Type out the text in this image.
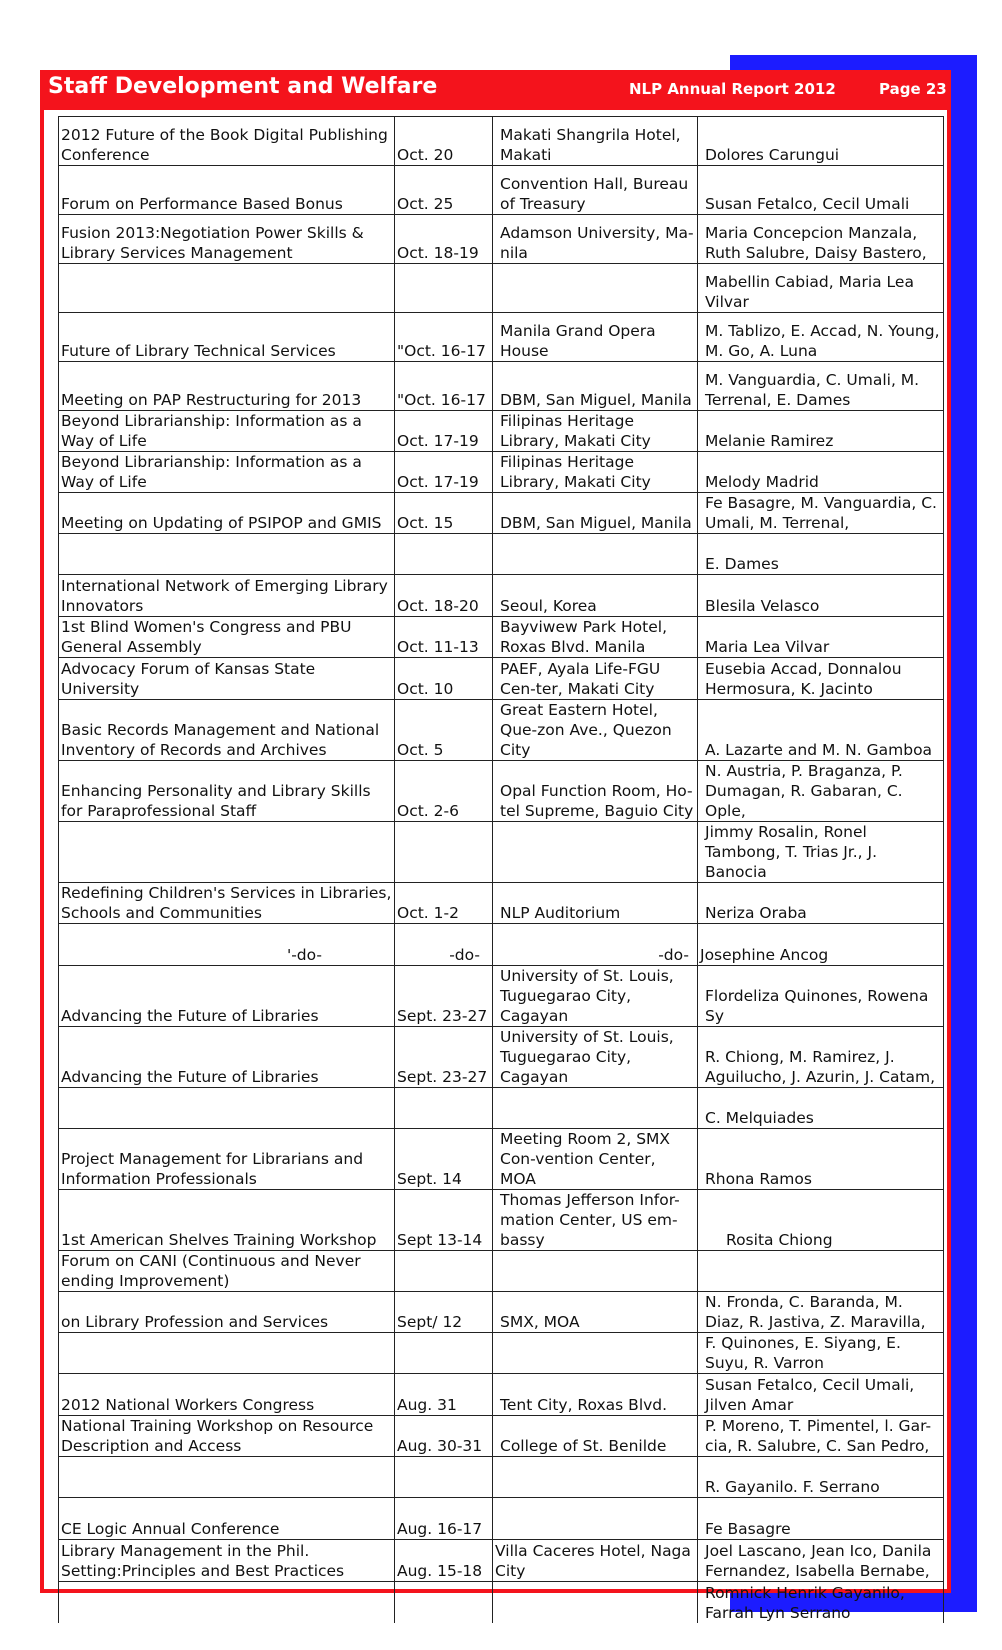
Staff Development and Welfare	NLP Annual Report 2012	Page 23
2012 Future of the Book Digital Publishing Conference	Oct. 20	Makati Shangrila Hotel, Makati	Dolores Carungui

Forum on Performance Based Bonus	Oct. 25	Convention Hall, Bureau of Treasury	Susan Fetalco, Cecil Umali

Fusion 2013:Negotiation Power Skills & Library Services Management	Oct. 18-19	Adamson University, Ma-nila	Maria Concepcion Manzala, Ruth Salubre, Daisy Bastero,

			Mabellin Cabiad, Maria Lea Vilvar

Future of Library Technical Services	"Oct. 16-17	Manila Grand Opera House	M. Tablizo, E. Accad, N. Young, M. Go, A. Luna

Meeting on PAP Restructuring for 2013	"Oct. 16-17	DBM, San Miguel, Manila	M. Vanguardia, C. Umali, M. Terrenal, E. Dames

Beyond Librarianship: Information as a Way of Life	Oct. 17-19	Filipinas Heritage Library, Makati City	Melanie Ramirez

Beyond Librarianship: Information as a Way of Life	Oct. 17-19	Filipinas Heritage Library, Makati City	Melody Madrid

Meeting on Updating of PSIPOP and GMIS	Oct. 15	DBM, San Miguel, Manila	Fe Basagre, M. Vanguardia, C. Umali, M. Terrenal,

			E. Dames

International Network of Emerging Library Innovators	Oct. 18-20	Seoul, Korea	Blesila Velasco

1st Blind Women's Congress and PBU General Assembly	Oct. 11-13	Bayviwew Park Hotel, Roxas Blvd. Manila	Maria Lea Vilvar

Advocacy Forum of Kansas State University	Oct. 10	PAEF, Ayala Life-FGU Cen-ter, Makati City	Eusebia Accad, Donnalou Hermosura, K. Jacinto

Basic Records Management and National Inventory of Records and Archives	Oct. 5	Great Eastern Hotel, Que-zon Ave., Quezon City	A. Lazarte and M. N. Gamboa

Enhancing Personality and Library Skills for Paraprofessional Staff	Oct. 2-6	Opal Function Room, Ho-tel Supreme, Baguio City	N. Austria, P. Braganza, P. Dumagan, R. Gabaran, C. Ople,

			Jimmy Rosalin, Ronel Tambong, T. Trias Jr., J. Banocia

Redefining Children's Services in Libraries, Schools and Communities	Oct. 1-2	NLP Auditorium	Neriza Oraba

'-do-	-do-	-do-	Josephine Ancog
Advancing the Future of Libraries	Sept. 23-27	University of St. Louis, Tuguegarao City, Cagayan	Flordeliza Quinones, Rowena Sy

Advancing the Future of Libraries	Sept. 23-27	University of St. Louis, Tuguegarao City, Cagayan	R. Chiong, M. Ramirez, J. Aguilucho, J. Azurin, J. Catam,

			C. Melquiades

Project Management for Librarians and Information Professionals	Sept. 14	Meeting Room 2, SMX Con-vention Center, MOA	Rhona Ramos

1st American Shelves Training Workshop	Sept 13-14	Thomas Jefferson Infor-mation Center, US em-bassy	Rosita Chiong
Forum on CANI (Continuous and Never ending Improvement)			
on Library Profession and Services	Sept/ 12	SMX, MOA	N. Fronda, C. Baranda, M. Diaz, R. Jastiva, Z. Maravilla,

			F. Quinones, E. Siyang, E. Suyu, R. Varron

2012 National Workers Congress	Aug. 31	Tent City, Roxas Blvd.	Susan Fetalco, Cecil Umali, Jilven Amar

National Training Workshop on Resource Description and Access	Aug. 30-31	College of St. Benilde	P. Moreno, T. Pimentel, l. Gar-cia, R. Salubre, C. San Pedro,

			R. Gayanilo. F. Serrano

CE Logic Annual Conference	Aug. 16-17		Fe Basagre

Library Management in the Phil. Setting:Principles and Best Practices	Aug. 15-18	Villa Caceres Hotel, Naga City	Joel Lascano, Jean Ico, Danila Fernandez, Isabella Bernabe,

			Romnick Henrik Gayanilo, Farrah Lyn Serrano
